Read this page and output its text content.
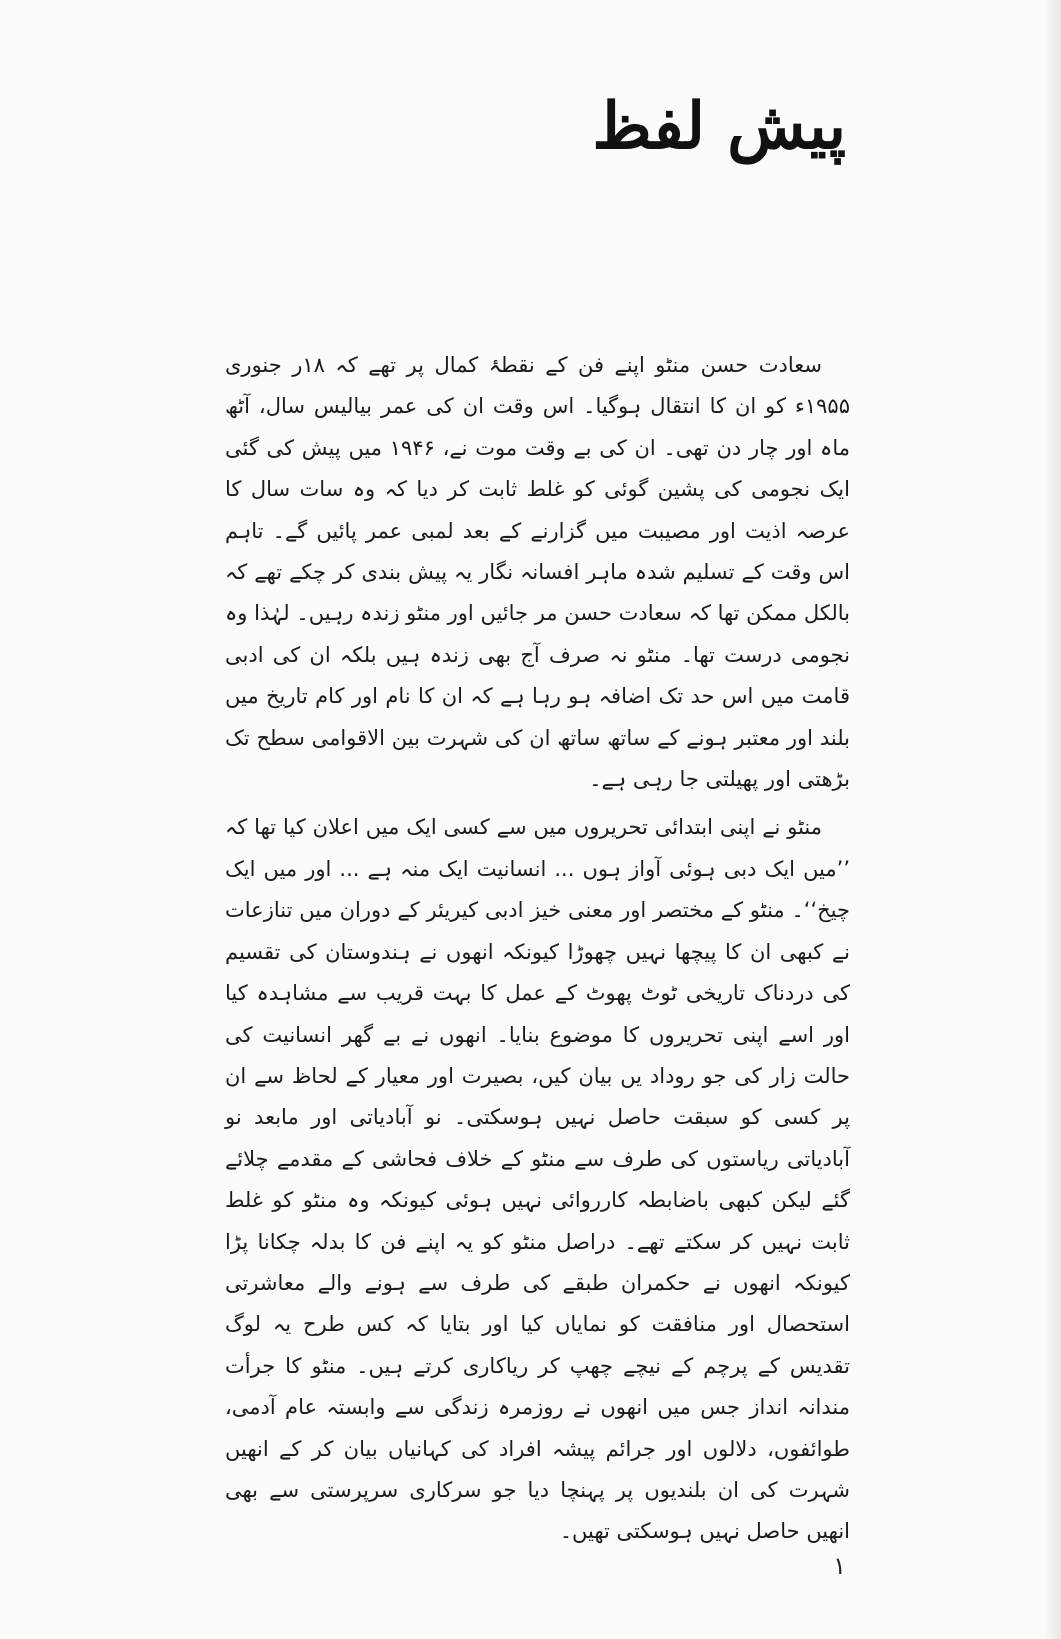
پیش لفظ

سعادت حسن منٹو اپنے فن کے نقطۂ کمال پر تھے کہ ۱۸ر جنوری ۱۹۵۵ء کو ان کا انتقال ہوگیا۔ اس وقت ان کی عمر بیالیس سال، آٹھ ماہ اور چار دن تھی۔ ان کی بے وقت موت نے، ۱۹۴۶ میں پیش کی گئی ایک نجومی کی پشین گوئی کو غلط ثابت کر دیا کہ وہ سات سال کا عرصہ اذیت اور مصیبت میں گزارنے کے بعد لمبی عمر پائیں گے۔ تاہم اس وقت کے تسلیم شدہ ماہر افسانہ نگار یہ پیش بندی کر چکے تھے کہ بالکل ممکن تھا کہ سعادت حسن مر جائیں اور منٹو زندہ رہیں۔ لہٰذا وہ نجومی درست تھا۔ منٹو نہ صرف آج بھی زندہ ہیں بلکہ ان کی ادبی قامت میں اس حد تک اضافہ ہو رہا ہے کہ ان کا نام اور کام تاریخ میں بلند اور معتبر ہونے کے ساتھ ساتھ ان کی شہرت بین الاقوامی سطح تک بڑھتی اور پھیلتی جا رہی ہے۔

منٹو نے اپنی ابتدائی تحریروں میں سے کسی ایک میں اعلان کیا تھا کہ ’’میں ایک دبی ہوئی آواز ہوں ... انسانیت ایک منہ ہے ... اور میں ایک چیخ‘‘۔ منٹو کے مختصر اور معنی خیز ادبی کیریئر کے دوران میں تنازعات نے کبھی ان کا پیچھا نہیں چھوڑا کیونکہ انھوں نے ہندوستان کی تقسیم کی دردناک تاریخی ٹوٹ پھوٹ کے عمل کا بہت قریب سے مشاہدہ کیا اور اسے اپنی تحریروں کا موضوع بنایا۔ انھوں نے بے گھر انسانیت کی حالت زار کی جو روداد یں بیان کیں، بصیرت اور معیار کے لحاظ سے ان پر کسی کو سبقت حاصل نہیں ہوسکتی۔ نو آبادیاتی اور مابعد نو آبادیاتی ریاستوں کی طرف سے منٹو کے خلاف فحاشی کے مقدمے چلائے گئے لیکن کبھی باضابطہ کارروائی نہیں ہوئی کیونکہ وہ منٹو کو غلط ثابت نہیں کر سکتے تھے۔ دراصل منٹو کو یہ اپنے فن کا بدلہ چکانا پڑا کیونکہ انھوں نے حکمران طبقے کی طرف سے ہونے والے معاشرتی استحصال اور منافقت کو نمایاں کیا اور بتایا کہ کس طرح یہ لوگ تقدیس کے پرچم کے نیچے چھپ کر ریاکاری کرتے ہیں۔ منٹو کا جرأت مندانہ انداز جس میں انھوں نے روزمرہ زندگی سے وابستہ عام آدمی، طوائفوں، دلالوں اور جرائم پیشہ افراد کی کہانیاں بیان کر کے انھیں شہرت کی ان بلندیوں پر پہنچا دیا جو سرکاری سرپرستی سے بھی انھیں حاصل نہیں ہوسکتی تھیں۔

۱
